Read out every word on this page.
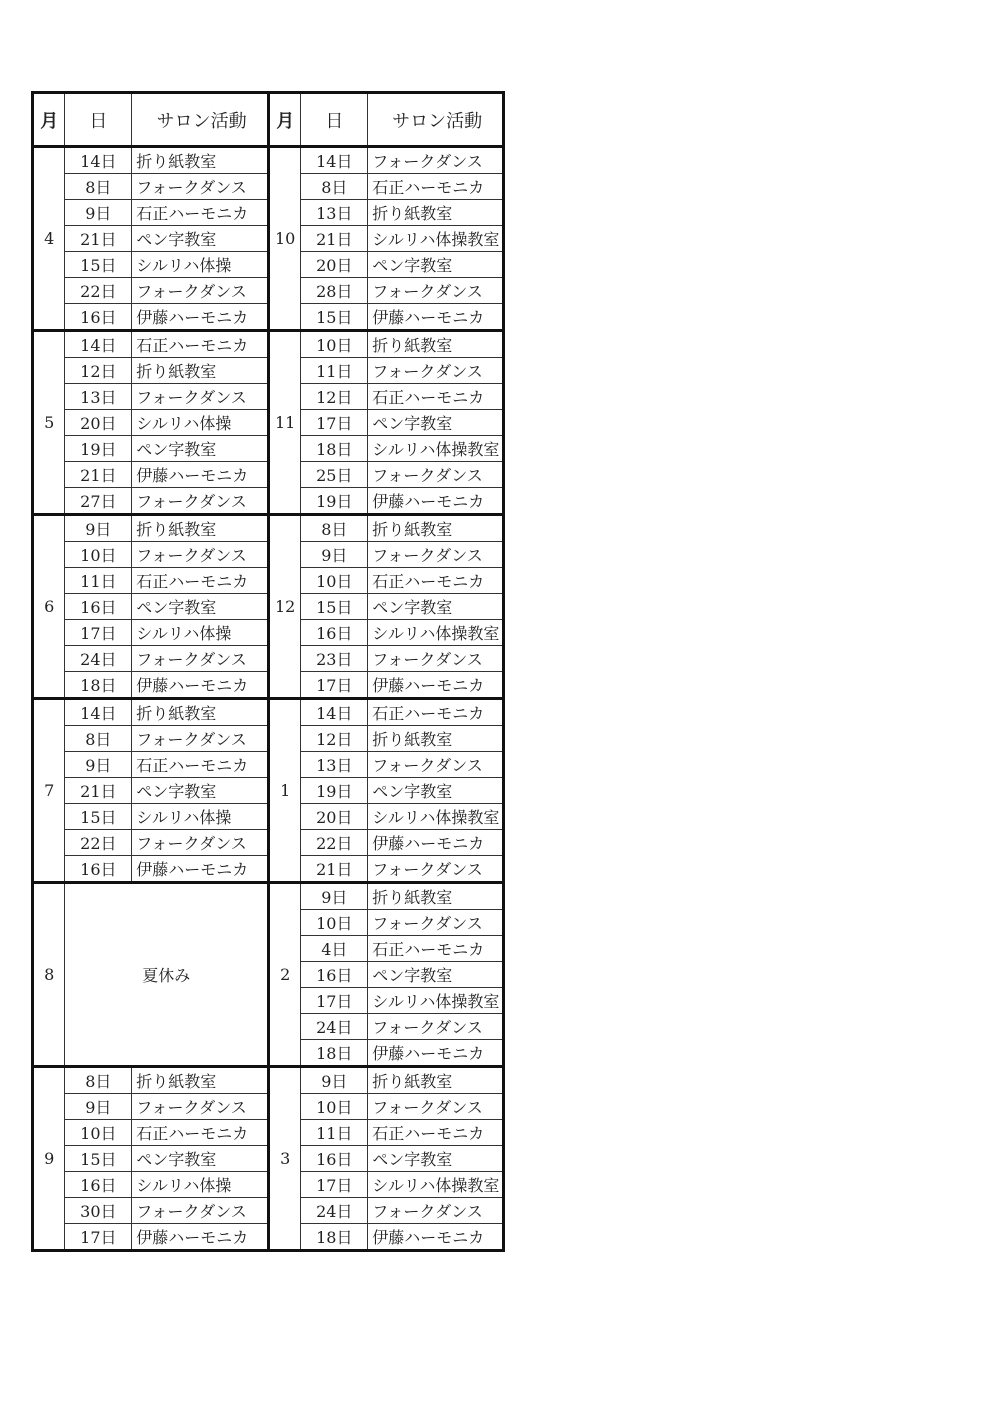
月	日	サロン活動	月	日	サロン活動
4	14日	折り紙教室	10	14日	フォークダンス
	8日	フォークダンス		8日	石正ハーモニカ
	9日	石正ハーモニカ		13日	折り紙教室
	21日	ペン字教室		21日	シルリハ体操教室
	15日	シルリハ体操		20日	ペン字教室
	22日	フォークダンス		28日	フォークダンス
	16日	伊藤ハーモニカ		15日	伊藤ハーモニカ
5	14日	石正ハーモニカ	11	10日	折り紙教室
	12日	折り紙教室		11日	フォークダンス
	13日	フォークダンス		12日	石正ハーモニカ
	20日	シルリハ体操		17日	ペン字教室
	19日	ペン字教室		18日	シルリハ体操教室
	21日	伊藤ハーモニカ		25日	フォークダンス
	27日	フォークダンス		19日	伊藤ハーモニカ
6	9日	折り紙教室	12	8日	折り紙教室
	10日	フォークダンス		9日	フォークダンス
	11日	石正ハーモニカ		10日	石正ハーモニカ
	16日	ペン字教室		15日	ペン字教室
	17日	シルリハ体操		16日	シルリハ体操教室
	24日	フォークダンス		23日	フォークダンス
	18日	伊藤ハーモニカ		17日	伊藤ハーモニカ
7	14日	折り紙教室	1	14日	石正ハーモニカ
	8日	フォークダンス		12日	折り紙教室
	9日	石正ハーモニカ		13日	フォークダンス
	21日	ペン字教室		19日	ペン字教室
	15日	シルリハ体操		20日	シルリハ体操教室
	22日	フォークダンス		22日	伊藤ハーモニカ
	16日	伊藤ハーモニカ		21日	フォークダンス
8	夏休み		2	9日	折り紙教室
				10日	フォークダンス
				4日	石正ハーモニカ
				16日	ペン字教室
				17日	シルリハ体操教室
				24日	フォークダンス
				18日	伊藤ハーモニカ
9	8日	折り紙教室	3	9日	折り紙教室
	9日	フォークダンス		10日	フォークダンス
	10日	石正ハーモニカ		11日	石正ハーモニカ
	15日	ペン字教室		16日	ペン字教室
	16日	シルリハ体操		17日	シルリハ体操教室
	30日	フォークダンス		24日	フォークダンス
	17日	伊藤ハーモニカ		18日	伊藤ハーモニカ
